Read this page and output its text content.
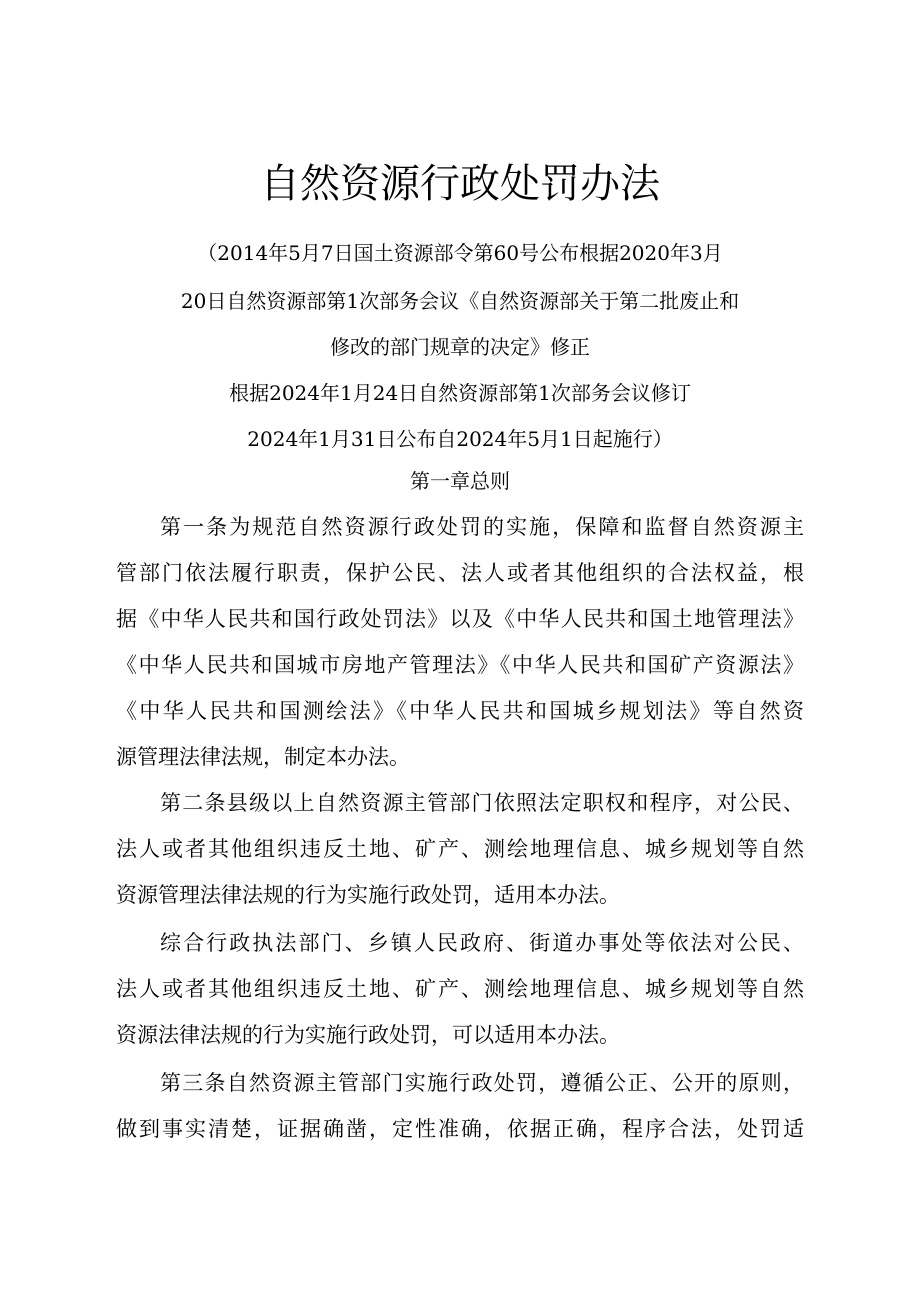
自然资源行政处罚办法
（2014年5月7日国土资源部令第60号公布根据2020年3月
20日自然资源部第1次部务会议《自然资源部关于第二批废止和
修改的部门规章的决定》修正
根据2024年1月24日自然资源部第1次部务会议修订
2024年1月31日公布自2024年5月1日起施行）
第一章总则
第一条为规范自然资源行政处罚的实施，保障和监督自然资源主
管部门依法履行职责，保护公民、法人或者其他组织的合法权益，根
据《中华人民共和国行政处罚法》以及《中华人民共和国土地管理法》
《中华人民共和国城市房地产管理法》《中华人民共和国矿产资源法》
《中华人民共和国测绘法》《中华人民共和国城乡规划法》等自然资
源管理法律法规，制定本办法。
第二条县级以上自然资源主管部门依照法定职权和程序，对公民、
法人或者其他组织违反土地、矿产、测绘地理信息、城乡规划等自然
资源管理法律法规的行为实施行政处罚，适用本办法。
综合行政执法部门、乡镇人民政府、街道办事处等依法对公民、
法人或者其他组织违反土地、矿产、测绘地理信息、城乡规划等自然
资源法律法规的行为实施行政处罚，可以适用本办法。
第三条自然资源主管部门实施行政处罚，遵循公正、公开的原则，
做到事实清楚，证据确凿，定性准确，依据正确，程序合法，处罚适
